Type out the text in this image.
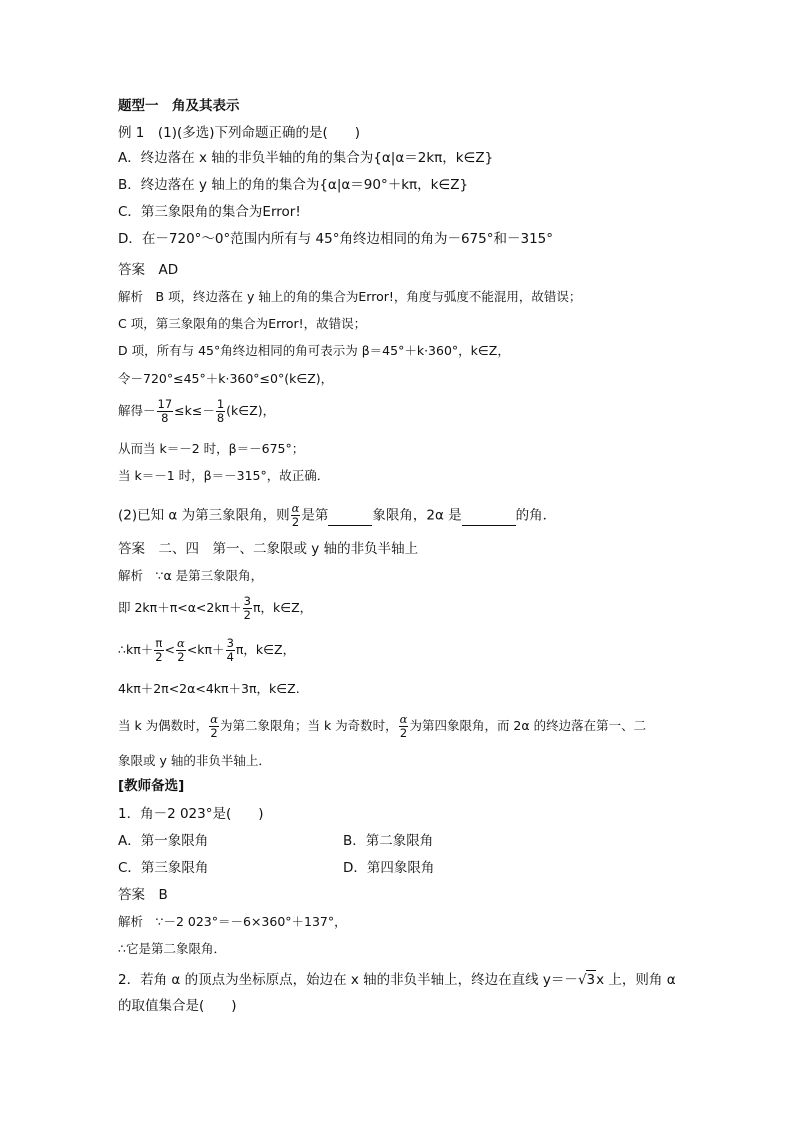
题型一　角及其表示
例 1　(1)(多选)下列命题正确的是(　　)
A．终边落在 x 轴的非负半轴的角的集合为{α|α＝2kπ，k∈Z}
B．终边落在 y 轴上的角的集合为{α|α＝90°＋kπ，k∈Z}
C．第三象限角的集合为Error!
D．在－720°～0°范围内所有与 45°角终边相同的角为－675°和－315°
答案　AD
解析　B 项，终边落在 y 轴上的角的集合为Error!，角度与弧度不能混用，故错误；
C 项，第三象限角的集合为Error!，故错误；
D 项，所有与 45°角终边相同的角可表示为 β＝45°＋k·360°，k∈Z，
令－720°≤45°＋k·360°≤0°(k∈Z)，
解得－ $\frac{17}{8} \le k\le- \frac{1}{8}$ (k∈Z)，
从而当 k＝－2 时，β＝－675°；
当 k＝－1 时，β＝－315°，故正确．
(2)已知 α 为第三象限角，则 $\frac{\alpha}{2}$ 是第	象限角，2α 是	的角．
答案　二、四　第一、二象限或 y 轴的非负半轴上
解析　∵α 是第三象限角，
即 $2k\pi+\pi<\alpha<2k\pi+ \frac{3}{2}$ π，k∈Z，
∴kπ＋ $\frac{\pi}{2} < \frac{\alpha}{2} <k\pi+ \frac{3}{4}$ π，k∈Z，
4kπ＋2π<2α<4kπ＋3π，k∈Z.
当 k 为偶数时， $\frac{\alpha}{2}$ 为第二象限角；当 k 为奇数时， $\frac{\alpha}{2}$ 为第四象限角，而 2α 的终边落在第一、二
象限或 y 轴的非负半轴上．
[教师备选]
1．角－2 023°是(　　)
A．第一象限角	B．第二象限角
C．第三象限角	D．第四象限角
答案　B
解析　∵－2 023°＝－6×360°＋137°，
∴它是第二象限角．
2．若角 α 的顶点为坐标原点，始边在 x 轴的非负半轴上，终边在直线 y＝－√3x 上，则角 α
的取值集合是(　　)
